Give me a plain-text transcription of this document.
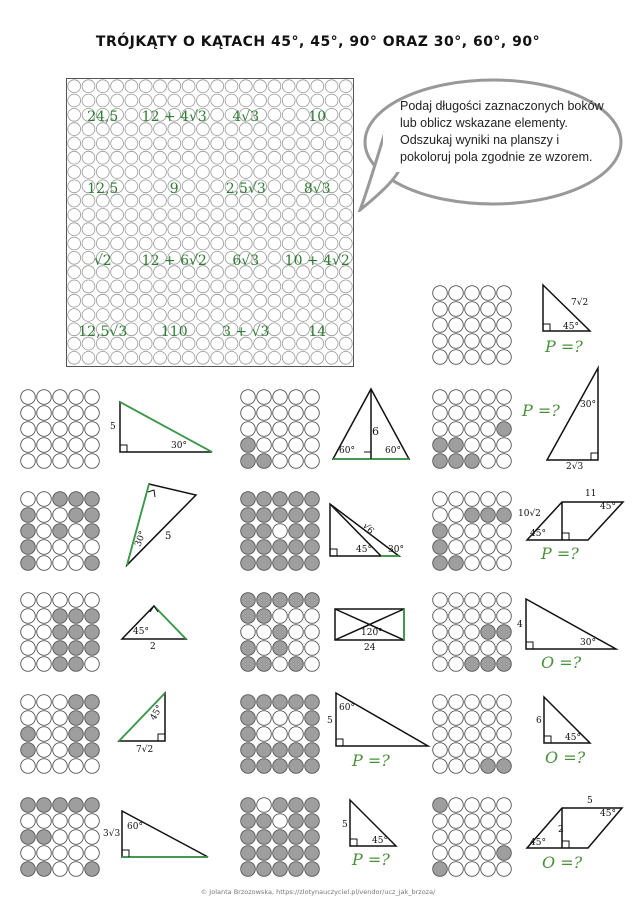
TRÓJKĄTY O KĄTACH 45°, 45°, 90° ORAZ 30°, 60°, 90°
Podaj długości zaznaczonych boków lub oblicz wskazane elementy. Odszukaj wyniki na planszy i pokoloruj pola zgodnie ze wzorem.
24,5	12 + 4√3	4√3	10
12,5	9	2,5√3	8√3
√2	12 + 6√2	6√3	10 + 4√2
12,5√3	110	3 + √3	14
7√2
45°
P =?
5
30°
6
60°	60°
P =? 30°
2√3
30° 5	√6
45° 30°
11
10√2
45°
45°
P =?
45°
2
120°
24
4
30°
O =?
45°
7√2
5
60°
P =?
6
45°
O =?
3√3
60°	5
45°
P =?
5
2
45°
45°
O =?
© Jolanta Brzozowska, https://zlotynauczyciel.pl/vendor/ucz_jak_brzoza/
